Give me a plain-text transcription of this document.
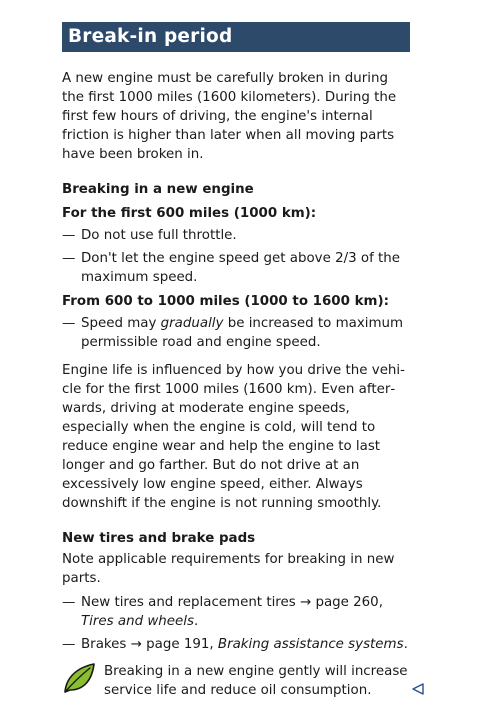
Break-in period

A new engine must be carefully broken in during the first 1000 miles (1600 kilometers). During the first few hours of driving, the engine's internal friction is higher than later when all moving parts have been broken in.

Breaking in a new engine

For the first 600 miles (1000 km):

— Do not use full throttle.
— Don't let the engine speed get above 2/3 of the maximum speed.

From 600 to 1000 miles (1000 to 1600 km):

— Speed may gradually be increased to maximum permissible road and engine speed.

Engine life is influenced by how you drive the vehicle for the first 1000 miles (1600 km). Even afterwards, driving at moderate engine speeds, especially when the engine is cold, will tend to reduce engine wear and help the engine to last longer and go farther. But do not drive at an excessively low engine speed, either. Always downshift if the engine is not running smoothly.

New tires and brake pads

Note applicable requirements for breaking in new parts.

— New tires and replacement tires → page 260, Tires and wheels.
— Brakes → page 191, Braking assistance systems.
Breaking in a new engine gently will increase service life and reduce oil consumption.
